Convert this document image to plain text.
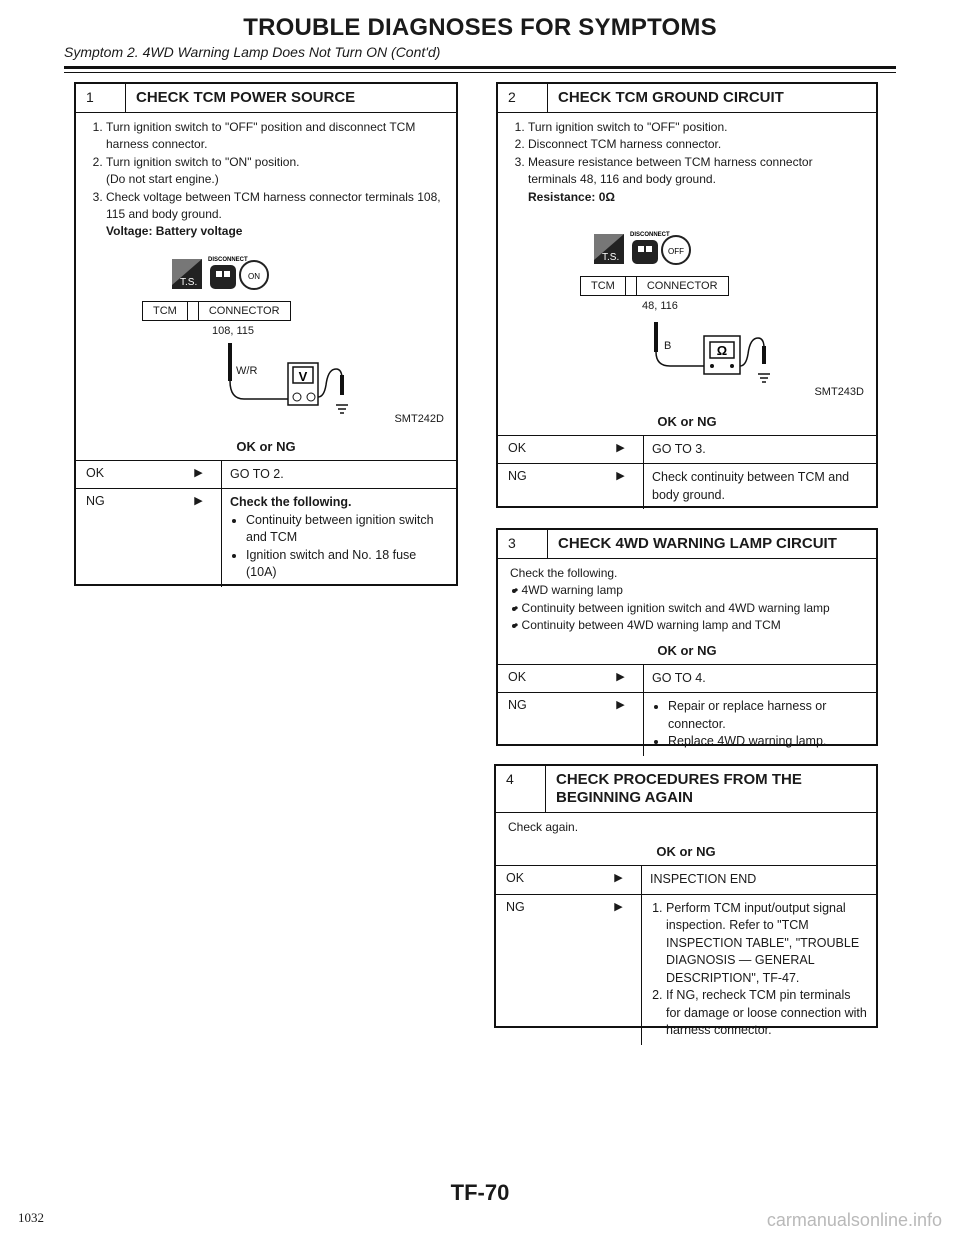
TROUBLE DIAGNOSES FOR SYMPTOMS
Symptom 2. 4WD Warning Lamp Does Not Turn ON (Cont'd)
1	CHECK TCM POWER SOURCE
1. Turn ignition switch to "OFF" position and disconnect TCM harness connector.
2. Turn ignition switch to "ON" position.
(Do not start engine.)
3. Check voltage between TCM harness connector terminals 108, 115 and body ground.
Voltage: Battery voltage
T.S.
DISCONNECT
ON
V
TCM	CONNECTOR
108, 115
W/R
SMT242D
OK or NG
OK	▶	GO TO 2.
NG	▶	Check the following.
• Continuity between ignition switch and TCM
• Ignition switch and No. 18 fuse (10A)
2	CHECK TCM GROUND CIRCUIT
1. Turn ignition switch to "OFF" position.
2. Disconnect TCM harness connector.
3. Measure resistance between TCM harness connector terminals 48, 116 and body ground.
Resistance: 0Ω
T.S.
DISCONNECT
OFF
Ω
TCM	CONNECTOR
48, 116
B
SMT243D
OK or NG
OK	▶	GO TO 3.
NG	▶	Check continuity between TCM and body ground.
3	CHECK 4WD WARNING LAMP CIRCUIT
Check the following.
• • 4WD warning lamp
• • Continuity between ignition switch and 4WD warning lamp
• • Continuity between 4WD warning lamp and TCM
OK or NG
OK	▶	GO TO 4.
NG	▶	• Repair or replace harness or connector.
• Replace 4WD warning lamp.
4	CHECK PROCEDURES FROM THE BEGINNING AGAIN
Check again.
OK or NG
OK	▶	INSPECTION END
NG	▶	1. Perform TCM input/output signal inspection. Refer to "TCM INSPECTION TABLE", "TROUBLE DIAGNOSIS — GENERAL DESCRIPTION", TF-47.
2. If NG, recheck TCM pin terminals for damage or loose connection with harness connector.
TF-70
1032	carmanualsonline.info
